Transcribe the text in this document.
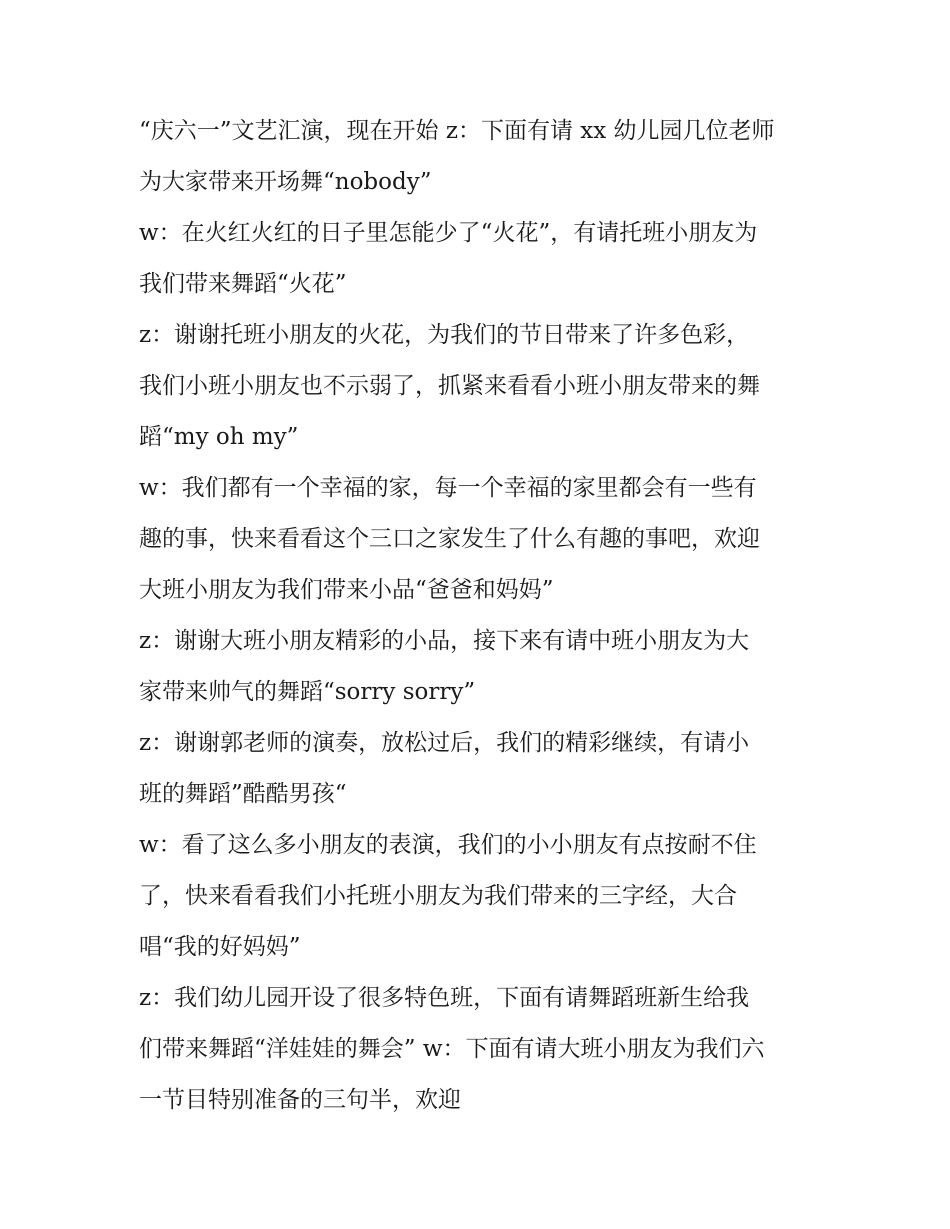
“庆六一”文艺汇演，现在开始 z：下面有请 xx 幼儿园几位老师
为大家带来开场舞“nobody”
w：在火红火红的日子里怎能少了“火花”，有请托班小朋友为
我们带来舞蹈“火花”
z：谢谢托班小朋友的火花，为我们的节日带来了许多色彩，
我们小班小朋友也不示弱了，抓紧来看看小班小朋友带来的舞
蹈“my oh my”
w：我们都有一个幸福的家，每一个幸福的家里都会有一些有
趣的事，快来看看这个三口之家发生了什么有趣的事吧，欢迎
大班小朋友为我们带来小品“爸爸和妈妈”
z：谢谢大班小朋友精彩的小品，接下来有请中班小朋友为大
家带来帅气的舞蹈“sorry sorry”
z：谢谢郭老师的演奏，放松过后，我们的精彩继续，有请小
班的舞蹈”酷酷男孩“
w：看了这么多小朋友的表演，我们的小小朋友有点按耐不住
了，快来看看我们小托班小朋友为我们带来的三字经，大合
唱“我的好妈妈”
z：我们幼儿园开设了很多特色班，下面有请舞蹈班新生给我
们带来舞蹈“洋娃娃的舞会” w：下面有请大班小朋友为我们六
一节目特别准备的三句半，欢迎
